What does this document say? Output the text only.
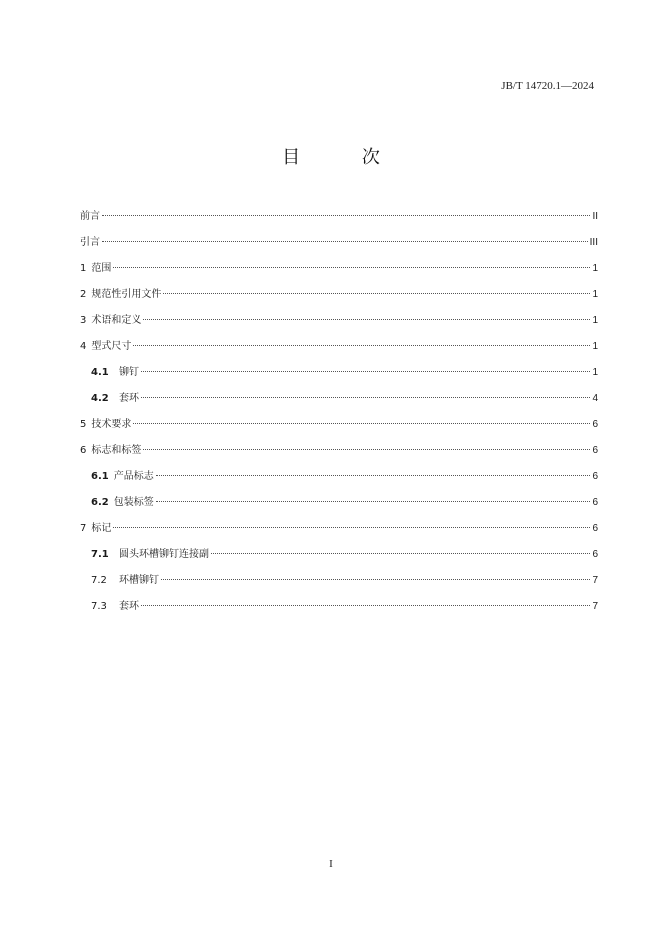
JB/T 14720.1—2024
目 次
前言	II
引言	III
1 范围	1
2 规范性引用文件	1
3 术语和定义	1
4 型式尺寸	1
4.1	铆钉	1
4.2	套环	4
5 技术要求	6
6 标志和标签	6
6.1 产品标志	6
6.2 包装标签	6
7 标记	6
7.1	圆头环槽铆钉连接副	6
7.2	环槽铆钉	7
7.3	套环	7
I
